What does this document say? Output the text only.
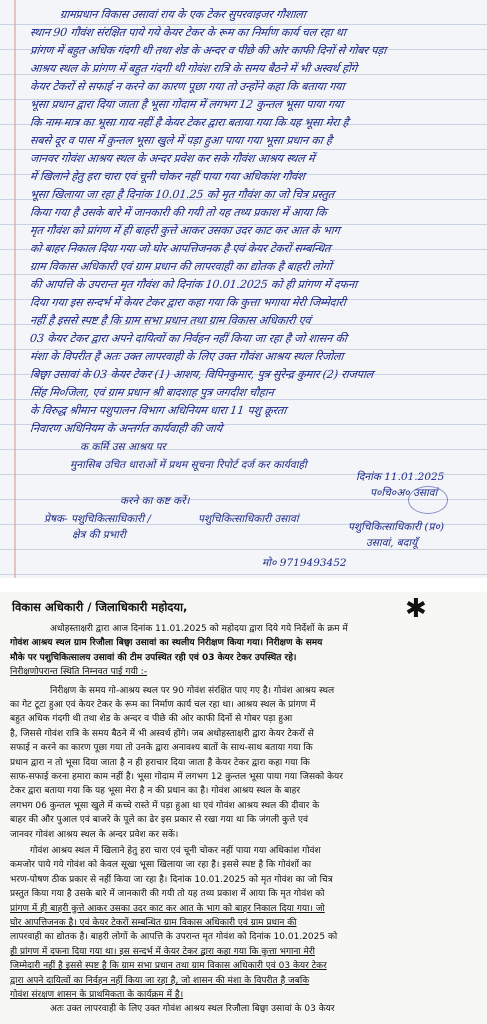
ग्रामप्रधान विकास उसावां राय के एक टेकर सुपरवाइजर गौशाला
स्थान 90 गौवंश संरक्षित पाये गये केयर टेकर के रूम का निर्माण कार्य चल रहा था
प्रांगण में बहुत अधिक गंदगी थी तथा शेड के अन्दर व पीछे की ओर काफी दिनों से गोबर पड़ा
आश्रय स्थल के प्रांगण में बहुत गंदगी थी गोवंश रात्रि के समय बैठने में भी अस्वर्थ होंगे
केयर टेकरों से सफाई न करने का कारण पूछा गया तो उन्होंने कहा कि बताया गया
भूसा प्रधान द्वारा दिया जाता है भूसा गोदाम में लगभग 12 कुन्तल भूसा पाया गया
कि नाम-मात्र का भूसा गाय नहीं है केयर टेकर द्वारा बताया गया कि यह भूसा मेरा है
सबसे दूर व पास में कुन्तल भूसा खुले में पड़ा हुआ पाया गया भूसा प्रधान का है
जानवर गोवंश आश्रय स्थल के अन्दर प्रवेश कर सके गौवंश आश्रय स्थल में
में खिलाने हेतु हरा चारा एवं चूनी चोकर नहीं पाया गया अधिकांश गौवंश
भूसा खिलाया जा रहा है दिनांक 10.01.25 को मृत गौवंश का जो चित्र प्रस्तुत
किया गया है उसके बारे में जानकारी की गयी तो यह तथ्य प्रकाश में आया कि
मृत गौवंश को प्रांगण में ही बाहरी कुत्ते आकर उसका उदर काट कर आत के भाग
को बाहर निकाल दिया गया जो घोर आपत्तिजनक है एवं केयर टेकरों सम्बन्धित
ग्राम विकास अधिकारी एवं ग्राम प्रधान की लापरवाही का द्योतक है बाहरी लोगों
की आपत्ति के उपरान्त मृत गौवंश को दिनांक 10.01.2025 को ही प्रांगण में दफना
दिया गया इस सन्दर्भ में केयर टेकर द्वारा कहा गया कि कुत्ता भगाया मेरी जिम्मेदारी
नहीं है इससे स्पष्ट है कि ग्राम सभा प्रधान तथा ग्राम विकास अधिकारी एवं
03 केयर टेकर द्वारा अपने दायित्वों का निर्वहन नहीं किया जा रहा है जो शासन की
मंशा के विपरीत है अतः उक्त लापरवाही के लिए उक्त गौवंश आश्रय स्थल रिजोला
बिछ्वा उसावां के 03 केयर टेकर (1) आशय, विपिनकुमार, पुत्र सुरेन्द्र कुमार (2) राजपाल
सिंह मि०जिला, एवं ग्राम प्रधान श्री बादशाह पुत्र जगदीश चौहान
के विरुद्ध श्रीमान पशुपालन विभाग अधिनियम धारा 11 पशु क्रूरता
निवारण अधिनियम के अन्तर्गत कार्यवाही की जाये
क कर्मि उस आश्रय पर
मुनासिब उचित धाराओं में प्रथम सूचना रिपोर्ट दर्ज कर कार्यवाही
करने का कष्ट करें।
प्रेषक- पशुचिकित्साधिकारी /
क्षेत्र की प्रभारी
पशुचिकित्साधिकारी उसावां
दिनांक 11.01.2025
प०चि०अ० उसावां
पशुचिकित्साधिकारी (प्र०)
उसावां, बदायूँ
मो० 9719493452
विकास अधिकारी / जिलाधिकारी महोदया,	✱
अधोहस्ताक्षरी द्वारा आज दिनांक 11.01.2025 को महोदया द्वारा दिये गये निर्देशों के क्रम में
गोवंश आश्रय स्थल ग्राम रिजौला बिछ्वा उसावां का स्थलीय निरीक्षण किया गया। निरीक्षण के समय
मौके पर पशुचिकित्सालय उसावां की टीम उपस्थित रही एवं 03 केयर टेकर उपस्थित रहे।
निरीक्षणोपरान्त स्थिति निम्नवत पाई गयी :-
निरीक्षण के समय गो-आश्रय स्थल पर 90 गोवंश संरक्षित पाए गए है। गोवंश आश्रय स्थल
का गेट टूटा हुआ एवं केयर टेकर के रूम का निर्माण कार्य चल रहा था। आश्रय स्थल के प्रांगण में
बहुत अधिक गंदगी थी तथा शेड के अन्दर व पीछे की ओर काफी दिनों से गोबर पड़ा हुआ
है, जिससे गोवंश रात्रि के समय बैठने में भी अस्वर्थ होंगे। जब अधोहस्ताक्षरी द्वारा केयर टेकरों से
सफाई न करने का कारण पूछा गया तो उनके द्वारा अनावश्य बातों के साथ-साथ बताया गया कि
प्रधान द्वारा न तो भूसा दिया जाता है न ही हराचार दिया जाता है केयर टेकर द्वारा कहा गया कि
साफ-सफाई करना हमारा काम नहीं है। भूसा गोदाम में लगभग 12 कुन्तल भूसा पाया गया जिसको केयर
टेकर द्वारा बताया गया कि यह भूसा मेरा है न की प्रधान का है। गोवंश आश्रय स्थल के बाहर
लगभग 06 कुन्तल भूसा खुले में कच्चे रास्ते में पड़ा हुआ था एवं गोवंश आश्रय स्थल की दीवार के
बाहर की और पुआल एवं बाजरे के पूले का ढेर इस प्रकार से रखा गया था कि जंगली कुत्ते एवं
जानवर गोवंश आश्रय स्थल के अन्दर प्रवेश कर सकें।
गोवंश आश्रय स्थल में खिलाने हेतु हरा चारा एवं चूनी चोकर नहीं पाया गया अधिकांश गोवंश
कमजोर पाये गये गोवंश को केवल सूखा भूसा खिलाया जा रहा है। इससे स्पष्ट है कि गोवंशों का
भरण-पोषण ठीक प्रकार से नहीं किया जा रहा है। दिनांक 10.01.2025 को मृत गोवंश का जो चित्र
प्रस्तुत किया गया है उसके बारे में जानकारी की गयी तो यह तथ्य प्रकाश में आया कि मृत गोवंश को
प्रांगण में ही बाहरी कुत्ते आकर उसका उदर काट कर आत के भाग को बाहर निकाल दिया गया। जो
घोर आपत्तिजनक है। एवं केयर टेकरों सम्बन्धित ग्राम विकास अधिकारी एवं ग्राम प्रधान की
लापरवाही का द्योतक है। बाहरी लोगों के आपत्ति के उपरान्त मृत गोवंश को दिनांक 10.01.2025 को
ही प्रांगण में दफना दिया गया था। इस सन्दर्भ में केयर टेकर द्वारा कहा गया कि कुत्ता भगाना मेरी
जिम्मेदारी नहीं है इससे स्पष्ट है कि ग्राम सभा प्रधान तथा ग्राम विकास अधिकारी एवं 03 केयर टेकर
द्वारा अपने दायित्वों का निर्वहन नहीं किया जा रहा है, जो शासन की मंशा के विपरीत है जबकि
गोवंश संरक्षण शासन के प्राथमिकता के कार्यक्रम में है।
अतः उक्त लापरवाही के लिए उक्त गोवंश आश्रय स्थल रिजौला बिछ्वा उसावां के 03 केयर
